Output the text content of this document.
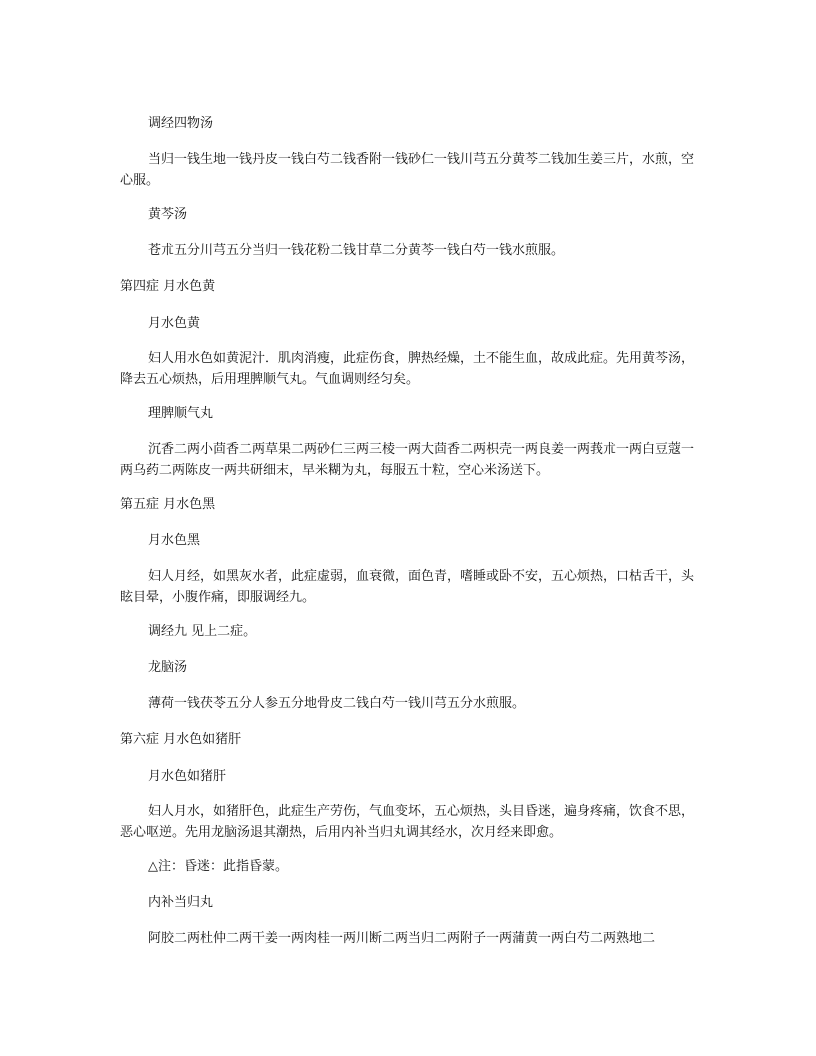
调经四物汤

当归一钱生地一钱丹皮一钱白芍二钱香附一钱砂仁一钱川芎五分黄芩二钱加生姜三片，水煎，空心服。

黄芩汤

苍朮五分川芎五分当归一钱花粉二钱甘草二分黄芩一钱白芍一钱水煎服。

第四症 月水色黄

月水色黄

妇人用水色如黄泥汁．肌肉消瘦，此症伤食，脾热经燥，土不能生血，故成此症。先用黄芩汤，降去五心烦热，后用理脾顺气丸。气血调则经匀矣。

理脾顺气丸

沉香二两小茴香二两草果二两砂仁三两三棱一两大茴香二两枳壳一两良姜一两莪朮一两白豆蔻一两乌药二两陈皮一两共研细末，早米糊为丸，每服五十粒，空心米汤送下。

第五症 月水色黑

月水色黑

妇人月经，如黑灰水者，此症虚弱，血衰微，面色青，嗜睡或卧不安，五心烦热，口枯舌干，头眩目晕，小腹作痛，即服调经九。

调经九 见上二症。

龙脑汤

薄荷一钱茯苓五分人参五分地骨皮二钱白芍一钱川芎五分水煎服。

第六症 月水色如猪肝

月水色如猪肝

妇人月水，如猪肝色，此症生产劳伤，气血变坏，五心烦热，头目昏迷，遍身疼痛，饮食不思，恶心呕逆。先用龙脑汤退其潮热，后用内补当归丸调其经水，次月经来即愈。

△注：昏迷：此指昏蒙。

内补当归丸

阿胶二两杜仲二两干姜一两肉桂一两川断二两当归二两附子一两蒲黄一两白芍二两熟地二
